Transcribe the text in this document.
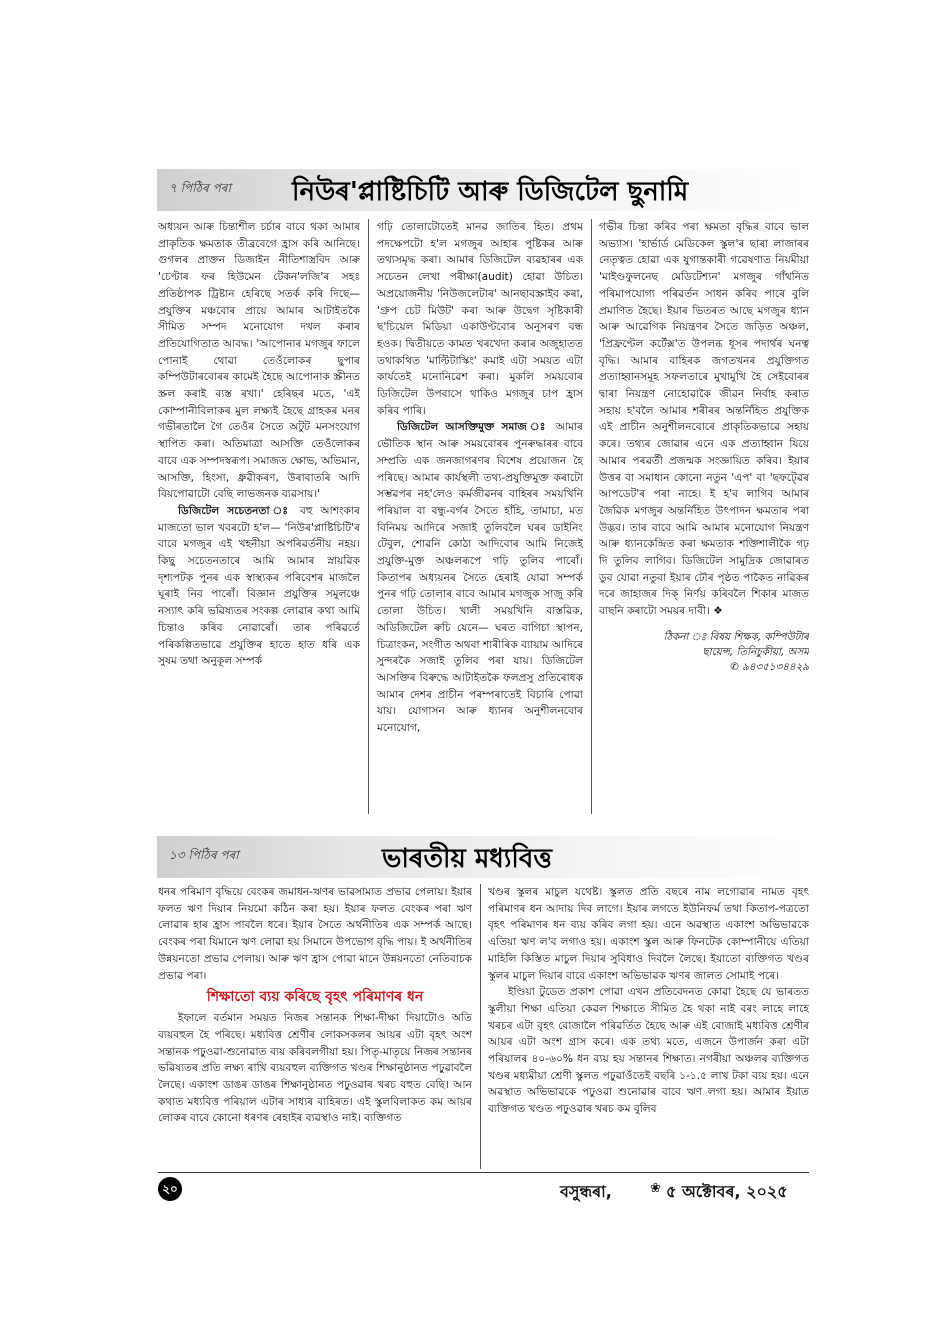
৭ পিঠিৰ পৰা নিউৰ'প্লাষ্টিচিটি আৰু ডিজিটেল ছুনামি

অধ্যয়ন আৰু চিন্তাশীল চৰ্চাৰ বাবে থকা আমাৰ প্ৰাকৃতিক ক্ষমতাক তীব্ৰবেগে হ্ৰাস কৰি আনিছে। গুগলৰ প্ৰাক্তন ডিজাইন নীতিশাস্ত্ৰবিদ আৰু 'চেণ্টাৰ ফৰ হিউমেন টেকন'লজি'ৰ সহঃ প্ৰতিষ্ঠাপক ট্ৰিষ্টান হেৰিছে সতৰ্ক কৰি দিছে— প্ৰযুক্তিৰ মঞ্চবোৰ প্ৰায়ে আমাৰ আটাইতকৈ সীমিত সম্পদ মনোযোগ দখল কৰাৰ প্ৰতিযোগিতাত আবদ্ধ। 'আপোনাৰ মগজুৰ ফালে পোনাই থোৱা তেওঁলোকৰ ছুপাৰ কম্পিউটাৰবোৰৰ কামেই হৈছে আপোনাক স্ক্ৰীনত স্ক্ৰল কৰাই ব্যস্ত ৰখা।' হেৰিছৰ মতে, 'এই কোম্পানীবিলাকৰ মুল লক্ষ্যই হৈছে গ্ৰাহকৰ মনৰ গভীৰতালৈ গৈ তেওঁৰ সৈতে অটুট মনসংযোগ স্থাপিত কৰা। অতিমাত্ৰা আসক্তি তেওঁলোকৰ বাবে এক সম্পদস্বৰূপ। সমাজত ক্ষোভ, অভিমান, আসক্তি, হিংসা, ধ্ৰুৱীকৰণ, উৰাবাতৰি আদি বিয়পোৱাটো বেছি লাভজনক ব্যৱসায়।'

ডিজিটেল সচেতনতা ঃ বহু আশংকাৰ মাজতো ভাল খবৰটো হ'ল— 'নিউৰ'প্লাষ্টিচিটি'ৰ বাবে মগজুৰ এই খহনীয়া অপৰিৱৰ্তনীয় নহয়। কিছু সচেতনতাৰে আমি আমাৰ স্নায়ৱিক দৃশ্যপটক পুনৰ এক স্বাস্থ্যকৰ পৰিবেশৰ মাজলৈ ঘূৰাই নিব পাৰোঁ। বিজ্ঞান প্ৰযুক্তিৰ সমুলঞ্চে নস্যাৎ কৰি ভৱিষ্যতৰ সংকল্প লোৱাৰ কথা আমি চিন্তাও কৰিব নোৱাৰোঁ। তাৰ পৰিৱৰ্তে পৰিকল্পিতভাৱে প্ৰযুক্তিৰ হাতে হাত ধৰি এক সুষম তথা অনুকূল সম্পৰ্ক

গঢ়ি তোলাটোতেই মানৱ জাতিৰ হিত। প্ৰথম পদক্ষেপটো হ'ল মগজুৰ আহাৰ পুষ্টিকৰ আৰু তথ্যসমৃদ্ধ কৰা। আমাৰ ডিজিটেল ব্যৱহাৰৰ এক সচেতন লেখা পৰীক্ষা(audit) হোৱা উচিত। অপ্ৰয়োজনীয় 'নিউজলেটাৰ' আনছাবস্ক্ৰাইব কৰা, 'গ্ৰুপ চেট মিউট' কৰা আৰু উদ্বেগ সৃষ্টিকাৰী ছ'চিয়েল মিডিয়া একাউণ্টবোৰ অনুসৰণ বন্ধ হওক। দ্বিতীয়তে কামত খৰখেদা কৰাৰ অজুহাতত তথাকথিত 'মাল্টিটাস্কিং' কমাই এটা সময়ত এটা কাৰ্যতেই মনোনিৱেশ কৰা। মুকলি সময়বোৰ ডিজিটেল উপবাসে থাকিও মগজুৰ চাপ হ্ৰাস কৰিব পাৰি।

ডিজিটেল আসক্তিমুক্ত সমাজ ঃ আমাৰ ভৌতিক স্থান আৰু সময়বোৰৰ পুনৰুদ্ধাৰৰ বাবে সম্প্ৰতি এক জনজাগৰণৰ বিশেষ প্ৰয়োজন হৈ পৰিছে। আমাৰ কাৰ্যস্থলী তথ্য-প্ৰযুক্তিমুক্ত কৰাটো সম্ভৱপৰ নহ'লেও কৰ্মজীৱনৰ বাহিৰৰ সময়খিনি পৰিয়াল বা বন্ধু-বৰ্গৰ সৈতে হাঁহি, তামাচা, মত বিনিময় আদিৰে সজাই তুলিবলৈ ঘৰৰ ডাইনিং টেবুল, শোৱনি কোঠা আদিবোৰ আমি নিজেই প্ৰযুক্তি-মুক্ত অঞ্চলৰূপে গঢ়ি তুলিব পাৰোঁ। কিতাপৰ অধ্যয়নৰ সৈতে হেৰাই যোৱা সম্পৰ্ক পুনৰ গঢ়ি তোলাৰ বাবে আমাৰ মগজুক সাজু কৰি তোলা উচিত। খালী সময়খিনি বাস্তৱিক, অডিজিটেল ৰুচি যেনে— ঘৰত বাগিচা স্থাপন, চিত্ৰাংকন, সংগীত অথবা শাৰীৰিক ব্যায়াম আদিৰে সুন্দৰকৈ সজাই তুলিব পৰা যায়। ডিজিটেল আসক্তিৰ বিৰুদ্ধে আটাইতকৈ ফলপ্ৰসু প্ৰতিৰোধক আমাৰ দেশৰ প্ৰাচীন পৰম্পৰাতেই বিচাৰি পোৱা যায়। যোগাসন আৰু ধ্যানৰ অনুশীলনবোৰ মনোযোগ,

গভীৰ চিন্তা কৰিব পৰা ক্ষমতা বৃদ্ধিৰ বাবে ভাল অভ্যাস। 'হাৰ্ভাৰ্ড মেডিকেল স্কুল'ৰ ছাৰা লাজাৰৰ নেতৃত্বত হোৱা এক যুগান্তকাৰী গৱেষণাত নিয়মীয়া 'মাইণ্ডফুলনেছ মেডিটেশ্যন' মগজুৰ গাঁথনিত পৰিমাপযোগ্য পৰিৱৰ্তন সাধন কৰিব পাৰে বুলি প্ৰমাণিত হৈছে। ইয়াৰ ভিতৰত আছে মগজুৰ ধ্যান আৰু আৱেগিক নিয়ন্ত্ৰণৰ সৈতে জড়িত অঞ্চল, 'প্ৰিফ্ৰণ্টেল কৰ্টেক্স'ত উপলব্ধ ধূসৰ পদাৰ্থৰ ঘনত্ব বৃদ্ধি। আমাৰ বাহিৰক জগতখনৰ প্ৰযুক্তিগত প্ৰত্যাহ্বানসমূহ সফলতাৰে মুখামুখি হৈ সেইবোৰৰ দ্বাৰা নিয়ন্ত্ৰণ নোহোৱাকৈ জীৱন নিৰ্বাহ কৰাত সহায় হ'বলৈ আমাৰ শৰীৰৰ অন্তৰ্নিহিত প্ৰযুক্তিক এই প্ৰাচীন অনুশীলনবোৰে প্ৰাকৃতিকভাৱে সহায় কৰে। তথ্যৰ জোৱাৰ এনে এক প্ৰত্যাহ্বান যিয়ে আমাৰ পৰৱৰ্তী প্ৰজন্মক সংজ্ঞায়িত কৰিব। ইয়াৰ উত্তৰ বা সমাধান কোনো নতুন 'এপ' বা 'ছফট্ৱেৰ আপডেট'ৰ পৰা নাহে। ই হ'ব লাগিব আমাৰ জৈৱিক মগজুৰ অন্তৰ্নিহিত উৎপাদন ক্ষমতাৰ পৰা উদ্ভব। তাৰ বাবে আমি আমাৰ মনোযোগ নিয়ন্ত্ৰণ আৰু ধ্যানকেন্দ্ৰিত কৰা ক্ষমতাক শক্তিশালীকৈ গঢ় দি তুলিব লাগিব। ডিজিটেল সামুদ্ৰিক জোৱাৰত ডুব যোৱা নতুবা ইয়াৰ ঢৌৰ পৃষ্ঠত পাকৈত নাৱিকৰ দৰে জাহাজৰ দিক্ নিৰ্ণয় কৰিবলৈ শিকাৰ মাজত বাছনি কৰাটো সময়ৰ দাবী। ❖

ঠিকনা ঃ বিষয় শিক্ষক, কম্পিউটাৰ
ছায়েন্স, তিনিচুকীয়া, অসম
✆ ৯৪৩৫১৩৪৪২৯
১৩ পিঠিৰ পৰা	ভাৰতীয় মধ্যবিত্ত

ধনৰ পৰিমাণ বৃদ্ধিয়ে বেংকৰ জমাধন-ঋণৰ ভাৱসাম্যত প্ৰভাৱ পেলায়। ইয়াৰ ফলত ঋণ দিয়াৰ নিয়মো কঠিন কৰা হয়। ইয়াৰ ফলত বেংকৰ পৰা ঋণ লোৱাৰ হাৰ হ্ৰাস পাবলৈ ধৰে। ইয়াৰ সৈতে অৰ্থনীতিৰ এক সম্পৰ্ক আছে। বেংকৰ পৰা যিমানে ঋণ লোৱা হয় সিমানে উপভোগ বৃদ্ধি পায়। ই অৰ্থনীতিৰ উন্নয়নতো প্ৰভাৱ পেলায়। আৰু ঋণ হ্ৰাস পোৱা মানে উন্নয়নতো নেতিবাচক প্ৰভাৱ পৰা।

শিক্ষাতো ব্যয় কৰিছে বৃহৎ পৰিমাণৰ ধন

ইফালে বৰ্তমান সময়ত নিজৰ সন্তানক শিক্ষা-দীক্ষা দিয়াটোও অতি ব্যয়বহুল হৈ পৰিছে। মধ্যবিত্ত শ্ৰেণীৰ লোকসকলৰ আয়ৰ এটা বৃহৎ অংশ সন্তানক পঢ়ুওৱা-শুনোৱাত ব্যয় কৰিবলগীয়া হয়। পিতৃ-মাতৃয়ে নিজৰ সন্তানৰ ভৱিষ্যতৰ প্ৰতি লক্ষ্য ৰাখি ব্যয়বহুল ব্যক্তিগত খণ্ডৰ শিক্ষানুষ্ঠানত পঢ়ুৱাবলৈ লৈছে। একাংশ ডাঙৰ ডাঙৰ শিক্ষানুষ্ঠানত পঢ়ুওৱাৰ খৰচ বহুত বেছি। আন কথাত মধ্যবিত্ত পৰিয়াল এটাৰ সাধ্যৰ বাহিৰত। এই স্কুলবিলাকত কম আয়ৰ লোকৰ বাবে কোনো ধৰণৰ ৰেহাইৰ ব্যৱস্থাও নাই। ব্যক্তিগত

খণ্ডৰ স্কুলৰ মাচুল যথেষ্ট। স্কুলত প্ৰতি বছৰে নাম লগোৱাৰ নামত বৃহৎ পৰিমাণৰ ধন আদায় দিব লাগে। ইয়াৰ লগতে ইউনিফৰ্ম তথা কিতাপ-পত্ৰতো বৃহৎ পৰিমাণৰ ধন ব্যয় কৰিব লগা হয়। এনে অৱস্থাত একাংশ অভিভাৱকে এতিয়া ঋণ ল'ব লগাও হয়। একাংশ স্কুল আৰু ফিনটেক কোম্পানীয়ে এতিয়া মাহিলি কিস্তিত মাচুল দিয়াৰ সুবিধাও দিবলৈ লৈছে। ইয়াতো ব্যক্তিগত খণ্ডৰ স্কুলৰ মাচুল দিয়াৰ বাবে একাংশ অভিভাৱক ঋণৰ জালত সোমাই পৰে।

ইণ্ডিয়া টুডেত প্ৰকাশ পোৱা এখন প্ৰতিবেদনত কোৱা হৈছে যে ভাৰতত স্কুলীয়া শিক্ষা এতিয়া কেৱল শিক্ষাতে সীমিত হৈ থকা নাই বৰং লাহে লাহে খৰচৰ এটা বৃহৎ বোজালৈ পৰিৱৰ্তিত হৈছে আৰু এই বোজাই মধ্যবিত্ত শ্ৰেণীৰ আয়ৰ এটা অংশ গ্ৰাস কৰে। এক তথ্য মতে, এজনে উপাৰ্জন কৰা এটা পৰিয়ালৰ ৪০-৬০% ধন ব্যয় হয় সন্তানৰ শিক্ষাত। নগৰীয়া অঞ্চলৰ ব্যক্তিগত খণ্ডৰ মধ্যমীয়া শ্ৰেণী স্কুলত পঢ়ুৱাওঁতেই বছৰি ১-১.৫ লাখ টকা ব্যয় হয়। এনে অৱস্থাত অভিভাৱকে পঢ়ুওৱা শুনোৱাৰ বাবে ঋণ লগা হয়। আমাৰ ইয়াত ব্যক্তিগত খণ্ডত পঢ়ুওৱাৰ খৰচ কম বুলিব

২০	বসুন্ধৰা,	❀ ৫ অক্টোবৰ, ২০২৫
